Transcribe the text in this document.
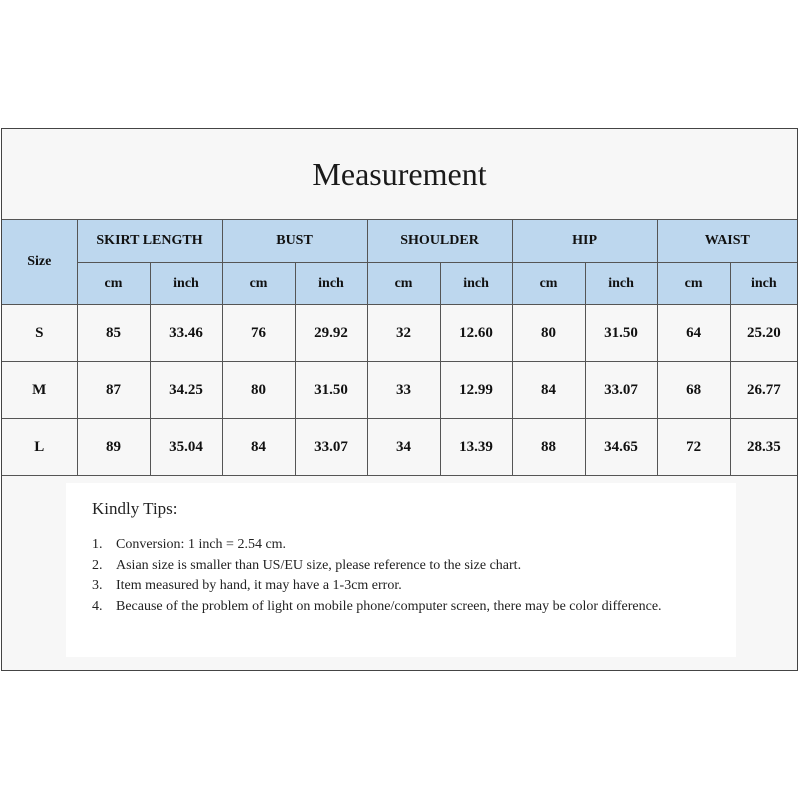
Measurement
Size	SKIRT LENGTH		BUST		SHOULDER		HIP		WAIST	
	cm	inch	cm	inch	cm	inch	cm	inch	cm	inch
S	85	33.46	76	29.92	32	12.60	80	31.50	64	25.20
M	87	34.25	80	31.50	33	12.99	84	33.07	68	26.77
L	89	35.04	84	33.07	34	13.39	88	34.65	72	28.35
Kindly Tips:
1. Conversion: 1 inch = 2.54 cm.
2. Asian size is smaller than US/EU size, please reference to the size chart.
3. Item measured by hand, it may have a 1-3cm error.
4. Because of the problem of light on mobile phone/computer screen, there may be color difference.
